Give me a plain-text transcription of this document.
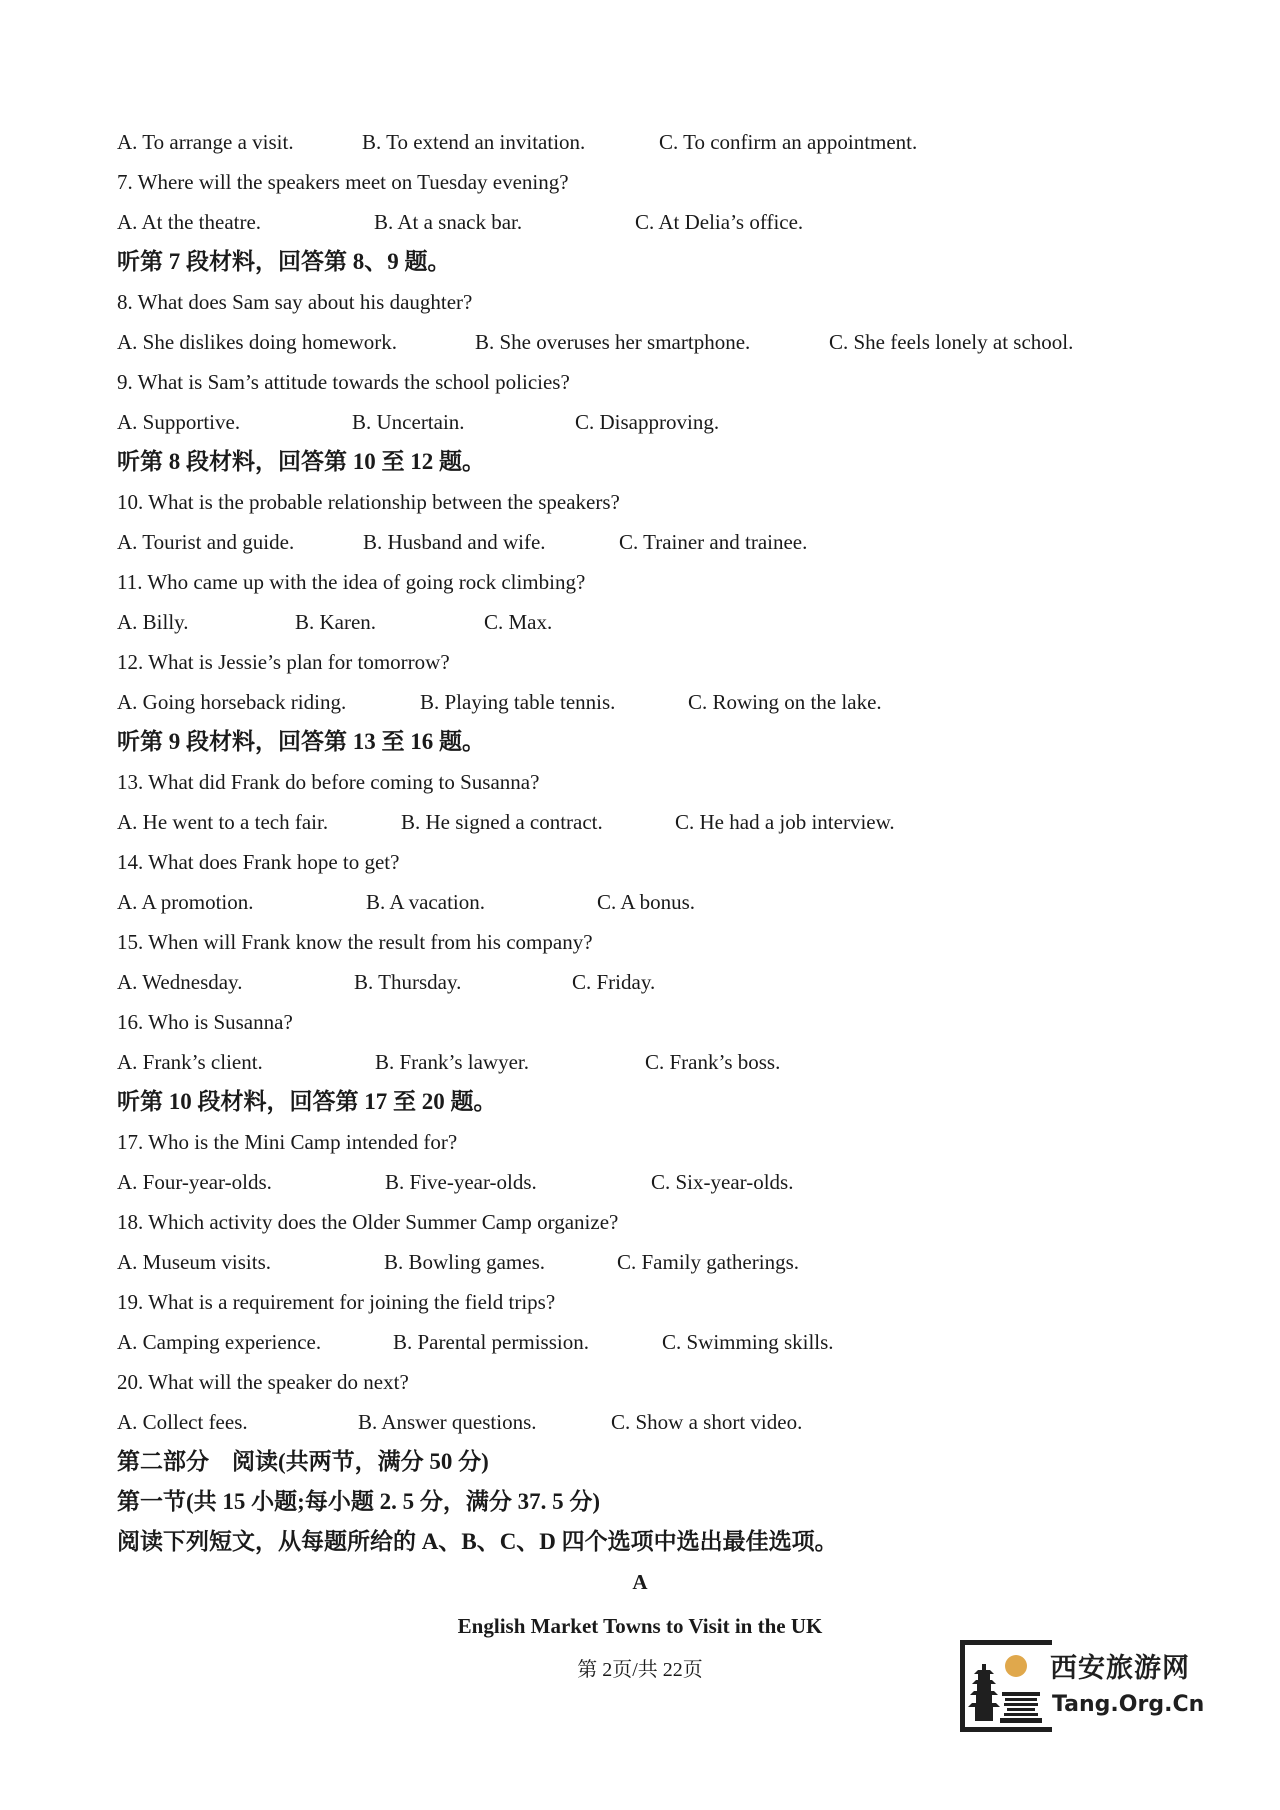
A. To arrange a visit.	B. To extend an invitation.	C. To confirm an appointment.
7. Where will the speakers meet on Tuesday evening?
A. At the theatre.	B. At a snack bar.	C. At Delia’s office.
听第 7 段材料，回答第 8、9 题。
8. What does Sam say about his daughter?
A. She dislikes doing homework.	B. She overuses her smartphone.	C. She feels lonely at school.
9. What is Sam’s attitude towards the school policies?
A. Supportive.	B. Uncertain.	C. Disapproving.
听第 8 段材料，回答第 10 至 12 题。
10. What is the probable relationship between the speakers?
A. Tourist and guide.	B. Husband and wife.	C. Trainer and trainee.
11. Who came up with the idea of going rock climbing?
A. Billy.	B. Karen.	C. Max.
12. What is Jessie’s plan for tomorrow?
A. Going horseback riding.	B. Playing table tennis.	C. Rowing on the lake.
听第 9 段材料，回答第 13 至 16 题。
13. What did Frank do before coming to Susanna?
A. He went to a tech fair.	B. He signed a contract.	C. He had a job interview.
14. What does Frank hope to get?
A. A promotion.	B. A vacation.	C. A bonus.
15. When will Frank know the result from his company?
A. Wednesday.	B. Thursday.	C. Friday.
16. Who is Susanna?
A. Frank’s client.	B. Frank’s lawyer.	C. Frank’s boss.
听第 10 段材料，回答第 17 至 20 题。
17. Who is the Mini Camp intended for?
A. Four-year-olds.	B. Five-year-olds.	C. Six-year-olds.
18. Which activity does the Older Summer Camp organize?
A. Museum visits.	B. Bowling games.	C. Family gatherings.
19. What is a requirement for joining the field trips?
A. Camping experience.	B. Parental permission.	C. Swimming skills.
20. What will the speaker do next?
A. Collect fees.	B. Answer questions.	C. Show a short video.
第二部分　阅读(共两节，满分 50 分)
第一节(共 15 小题;每小题 2. 5 分，满分 37. 5 分)
阅读下列短文，从每题所给的 A、B、C、D 四个选项中选出最佳选项。
A
English Market Towns to Visit in the UK
第 2页/共 22页	西安旅游网
Tang.Org.Cn
